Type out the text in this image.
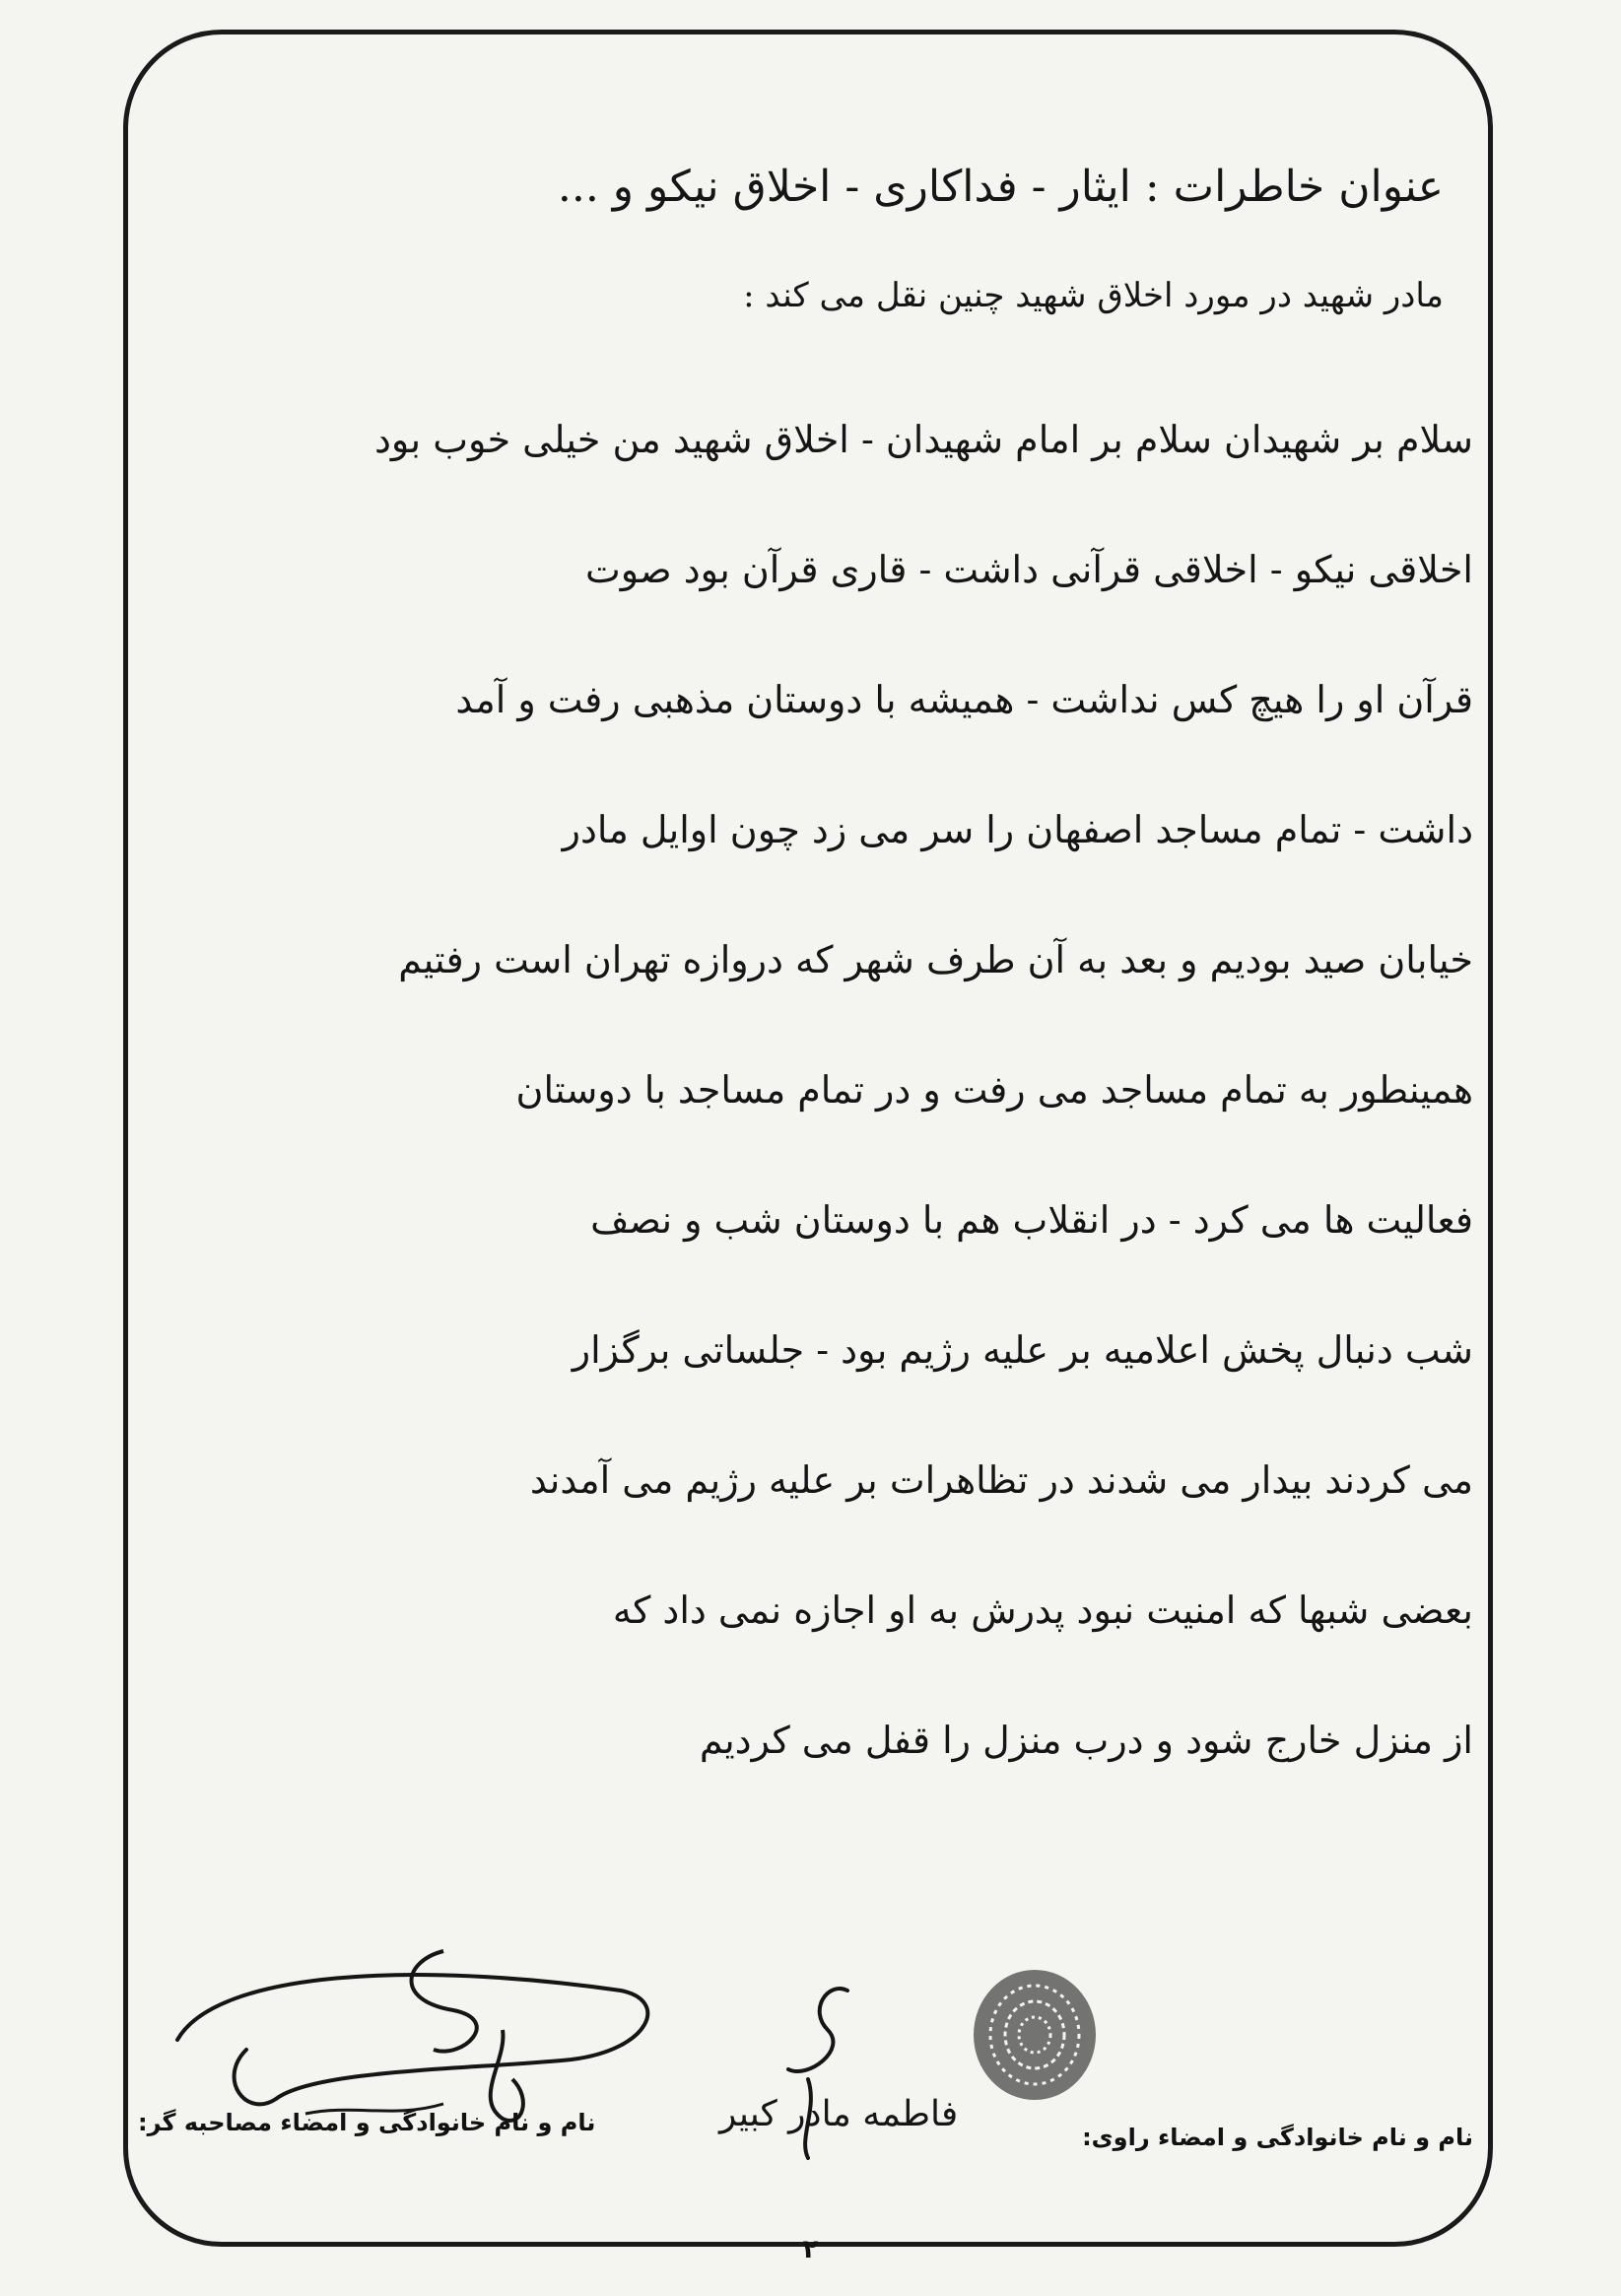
عنوان خاطرات : ایثار - فداکاری - اخلاق نیکو و ...
مادر شهید در مورد اخلاق شهید چنین نقل می کند :
سلام بر شهیدان سلام بر امام شهیدان - اخلاق شهید من خیلی خوب بود
اخلاقی نیکو - اخلاقی قرآنی داشت - قاری قرآن بود صوت
قرآن او را هیچ کس نداشت - همیشه با دوستان مذهبی رفت و آمد
داشت - تمام مساجد اصفهان را سر می زد چون اوایل مادر
خیابان صید بودیم و بعد به آن طرف شهر که دروازه تهران است رفتیم
همینطور به تمام مساجد می رفت و در تمام مساجد با دوستان
فعالیت ها می کرد - در انقلاب هم با دوستان شب و نصف
شب دنبال پخش اعلامیه بر علیه رژیم بود - جلساتی برگزار
می کردند بیدار می شدند در تظاهرات بر علیه رژیم می آمدند
بعضی شبها که امنیت نبود پدرش به او اجازه نمی داد که
از منزل خارج شود و درب منزل را قفل می کردیم
فاطمه مادر کبیر
نام و نام خانوادگی و امضاء مصاحبه گر:
نام و نام خانوادگی و امضاء راوی:
۲
